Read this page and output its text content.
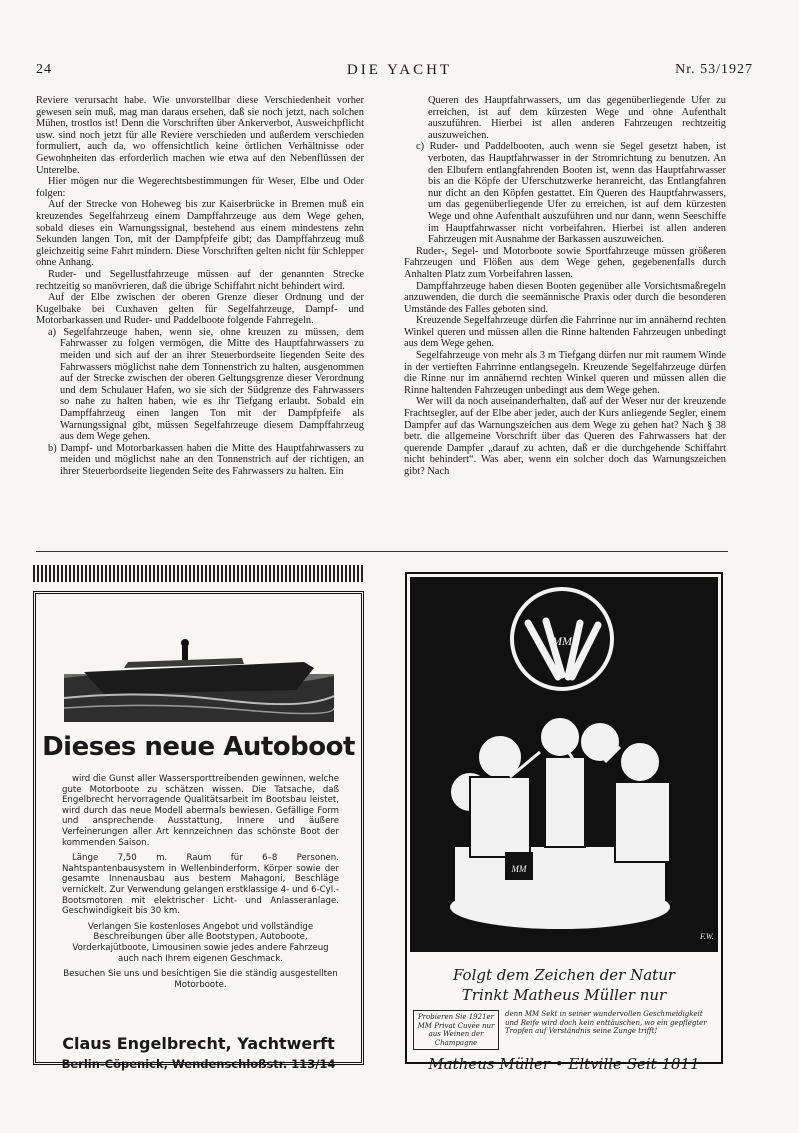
24	DIE YACHT	Nr. 53/1927

Reviere verursacht habe. Wie unvorstellbar diese Verschiedenheit vorher gewesen sein muß, mag man daraus ersehen, daß sie noch jetzt, nach solchen Mühen, trostlos ist! Denn die Vorschriften über Ankerverbot, Ausweichpflicht usw. sind noch jetzt für alle Reviere verschieden und außerdem verschieden formuliert, auch da, wo offensichtlich keine örtlichen Verhältnisse oder Gewohnheiten das erforderlich machen wie etwa auf den Nebenflüssen der Unterelbe.

Hier mögen nur die Wegerechtsbestimmungen für Weser, Elbe und Oder folgen:

Auf der Strecke von Hoheweg bis zur Kaiserbrücke in Bremen muß ein kreuzendes Segelfahrzeug einem Dampffahrzeuge aus dem Wege gehen, sobald dieses ein Warnungssignal, bestehend aus einem mindestens zehn Sekunden langen Ton, mit der Dampfpfeife gibt; das Dampffahrzeug muß gleichzeitig seine Fahrt mindern. Diese Vorschriften gelten nicht für Schlepper ohne Anhang.

Ruder- und Segellustfahrzeuge müssen auf der genannten Strecke rechtzeitig so manövrieren, daß die übrige Schiffahrt nicht behindert wird.

Auf der Elbe zwischen der oberen Grenze dieser Ordnung und der Kugelbake bei Cuxhaven gelten für Segelfahrzeuge, Dampf- und Motorbarkassen und Ruder- und Paddelboote folgende Fahrregeln.

a) Segelfahrzeuge haben, wenn sie, ohne kreuzen zu müssen, dem Fahrwasser zu folgen vermögen, die Mitte des Hauptfahrwassers zu meiden und sich auf der an ihrer Steuerbordseite liegenden Seite des Fahrwassers möglichst nahe dem Tonnenstrich zu halten, ausgenommen auf der Strecke zwischen der oberen Geltungsgrenze dieser Verordnung und dem Schulauer Hafen, wo sie sich der Südgrenze des Fahrwassers so nahe zu halten haben, wie es ihr Tiefgang erlaubt. Sobald ein Dampffahrzeug einen langen Ton mit der Dampfpfeife als Warnungssignal gibt, müssen Segelfahrzeuge diesem Dampffahrzeug aus dem Wege gehen.

b) Dampf- und Motorbarkassen haben die Mitte des Hauptfahrwassers zu meiden und möglichst nahe an den Tonnenstrich auf der richtigen, an ihrer Steuerbordseite liegenden Seite des Fahrwassers zu halten. Ein

Queren des Hauptfahrwassers, um das gegenüberliegende Ufer zu erreichen, ist auf dem kürzesten Wege und ohne Aufenthalt auszuführen. Hierbei ist allen anderen Fahrzeugen rechtzeitig auszuweichen.

c) Ruder- und Paddelbooten, auch wenn sie Segel gesetzt haben, ist verboten, das Hauptfahrwasser in der Stromrichtung zu benutzen. An den Elbufern entlangfahrenden Booten ist, wenn das Hauptfahrwasser bis an die Köpfe der Uferschutzwerke heranreicht, das Entlangfahren nur dicht an den Köpfen gestattet. Ein Queren des Hauptfahrwassers, um das gegenüberliegende Ufer zu erreichen, ist auf dem kürzesten Wege und ohne Aufenthalt auszuführen und nur dann, wenn Seeschiffe im Hauptfahrwasser nicht vorbeifahren. Hierbei ist allen anderen Fahrzeugen mit Ausnahme der Barkassen auszuweichen.

Ruder-, Segel- und Motorboote sowie Sportfahrzeuge müssen größeren Fahrzeugen und Flößen aus dem Wege gehen, gegebenenfalls durch Anhalten Platz zum Vorbeifahren lassen.

Dampffahrzeuge haben diesen Booten gegenüber alle Vorsichtsmaßregeln anzuwenden, die durch die seemännische Praxis oder durch die besonderen Umstände des Falles geboten sind.

Kreuzende Segelfahrzeuge dürfen die Fahrrinne nur im annähernd rechten Winkel queren und müssen allen die Rinne haltenden Fahrzeugen unbedingt aus dem Wege gehen.

Segelfahrzeuge von mehr als 3 m Tiefgang dürfen nur mit raumem Winde in der vertieften Fahrrinne entlangsegeln. Kreuzende Segelfahrzeuge dürfen die Rinne nur im annähernd rechten Winkel queren und müssen allen die Rinne haltenden Fahrzeugen unbedingt aus dem Wege gehen.

Wer will da noch auseinanderhalten, daß auf der Weser nur der kreuzende Frachtsegler, auf der Elbe aber jeder, auch der Kurs anliegende Segler, einem Dampfer auf das Warnungszeichen aus dem Wege zu gehen hat? Nach § 38 betr. die allgemeine Vorschrift über das Queren des Fahrwassers hat der querende Dampfer „darauf zu achten, daß er die durchgehende Schiffahrt nicht behindert“. Was aber, wenn ein solcher doch das Warnungszeichen gibt? Nach

Dieses neue Autoboot

wird die Gunst aller Wassersporttreibenden gewinnen, welche gute Motorboote zu schätzen wissen. Die Tatsache, daß Engelbrecht hervorragende Qualitätsarbeit im Bootsbau leistet, wird durch das neue Modell abermals bewiesen. Gefällige Form und ansprechende Ausstattung, Innere und äußere Verfeinerungen aller Art kennzeichnen das schönste Boot der kommenden Saison.

Länge 7,50 m. Raum für 6–8 Personen. Nahtspantenbausystem in Wellenbinderform. Körper sowie der gesamte Innenausbau aus bestem Mahagoni, Beschläge vernickelt. Zur Verwendung gelangen erstklassige 4- und 6-Cyl.-Bootsmotoren mit elektrischer Licht- und Anlasseranlage. Geschwindigkeit bis 30 km.

Verlangen Sie kostenloses Angebot und vollständige Beschreibungen über alle Bootstypen, Autoboote, Vorderkajütboote, Limousinen sowie jedes andere Fahrzeug auch nach Ihrem eigenen Geschmack.

Besuchen Sie uns und besichtigen Sie die ständig ausgestellten Motorboote.

Claus Engelbrecht, Yachtwerft
Berlin-Cöpenick, Wendenschloßstr. 113/14
MM
MM
F.W.
Folgt dem Zeichen der Natur
Trinkt Matheus Müller nur
Probieren Sie 1921er MM Privat Cuvée nur aus Weinen der Champagne
denn MM Sekt in seiner wundervollen Geschmeidigkeit und Reife wird doch kein enttäuschen, wo ein gepflegter Tropfen auf Verständnis seine Zunge trifft!
Matheus Müller • Eltville Seit 1811
